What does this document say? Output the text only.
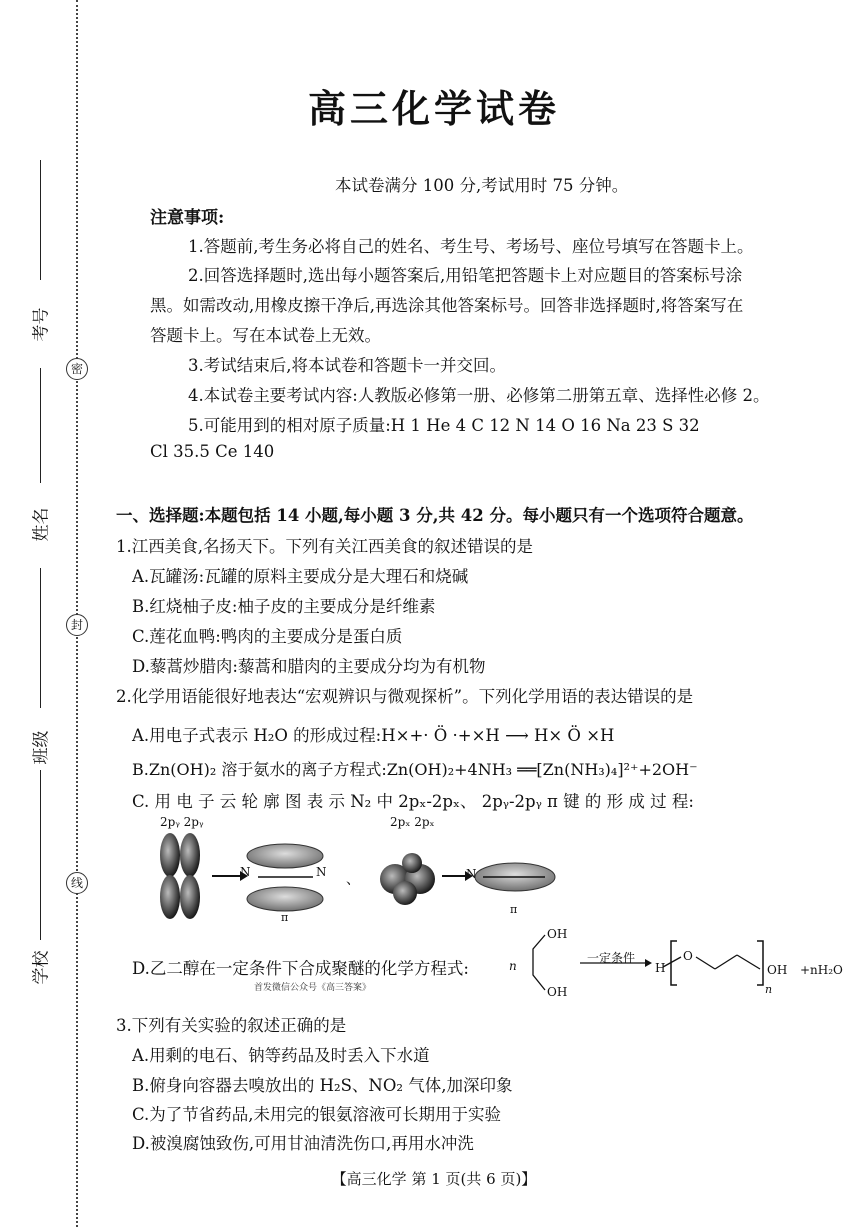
密
封
线
考号
姓名
班级
学校
高三化学试卷
本试卷满分 100 分,考试用时 75 分钟。
注意事项:
1.答题前,考生务必将自己的姓名、考生号、考场号、座位号填写在答题卡上。
2.回答选择题时,选出每小题答案后,用铅笔把答题卡上对应题目的答案标号涂
黑。如需改动,用橡皮擦干净后,再选涂其他答案标号。回答非选择题时,将答案写在
答题卡上。写在本试卷上无效。
3.考试结束后,将本试卷和答题卡一并交回。
4.本试卷主要考试内容:人教版必修第一册、必修第二册第五章、选择性必修 2。
5.可能用到的相对原子质量:H 1 He 4 C 12 N 14 O 16 Na 23 S 32
Cl 35.5 Ce 140
一、选择题:本题包括 14 小题,每小题 3 分,共 42 分。每小题只有一个选项符合题意。
1.江西美食,名扬天下。下列有关江西美食的叙述错误的是
A.瓦罐汤:瓦罐的原料主要成分是大理石和烧碱
B.红烧柚子皮:柚子皮的主要成分是纤维素
C.莲花血鸭:鸭肉的主要成分是蛋白质
D.藜蒿炒腊肉:藜蒿和腊肉的主要成分均为有机物
2.化学用语能很好地表达“宏观辨识与微观探析”。下列化学用语的表达错误的是
A.用电子式表示 H₂O 的形成过程:H×+· Ö ·+×H ⟶ H× Ö ×H
B.Zn(OH)₂ 溶于氨水的离子方程式:Zn(OH)₂+4NH₃ ══[Zn(NH₃)₄]²⁺+2OH⁻
C. 用 电 子 云 轮 廓 图 表 示 N₂ 中 2pₓ-2pₓ、 2pᵧ-2pᵧ π 键 的 形 成 过 程:
2pᵧ 2pᵧ
N	N
π
、
2pₓ 2pₓ
N
π
D.乙二醇在一定条件下合成聚醚的化学方程式:	n
OH
OH
一定条件
H
O
n
OH +nH₂O
首发微信公众号《高三答案》
3.下列有关实验的叙述正确的是
A.用剩的电石、钠等药品及时丢入下水道
B.俯身向容器去嗅放出的 H₂S、NO₂ 气体,加深印象
C.为了节省药品,未用完的银氨溶液可长期用于实验
D.被溴腐蚀致伤,可用甘油清洗伤口,再用水冲洗
【高三化学 第 1 页(共 6 页)】
